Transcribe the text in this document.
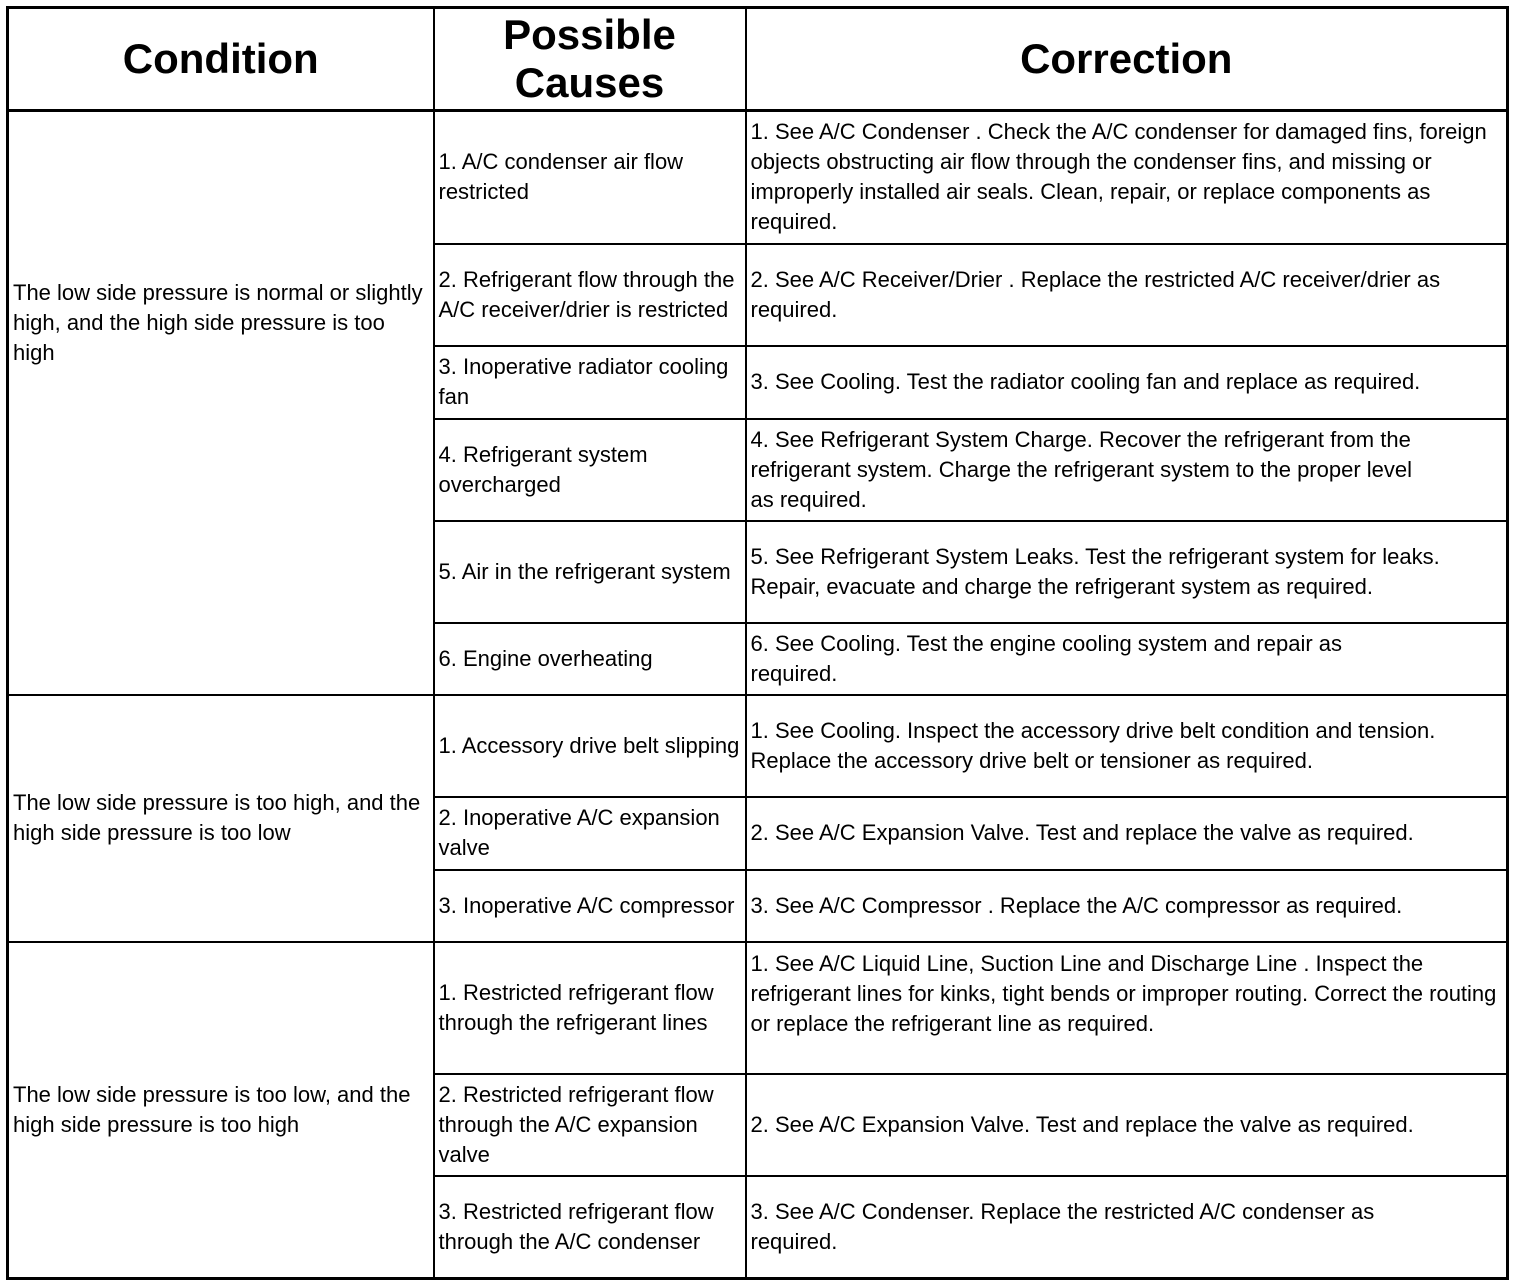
Condition	Possible Causes	Correction

The low side pressure is normal or slightly high, and the high side pressure is too high	1. A/C condenser air flow restricted	1. See A/C Condenser . Check the A/C condenser for damaged fins, foreign objects obstructing air flow through the condenser fins, and missing or improperly installed air seals. Clean, repair, or replace components as required.

	2. Refrigerant flow through the A/C receiver/drier is restricted	2. See A/C Receiver/Drier . Replace the restricted A/C receiver/drier as required.

	3. Inoperative radiator cooling fan	3. See Cooling. Test the radiator cooling fan and replace as required.

	4. Refrigerant system overcharged	4. See Refrigerant System Charge. Recover the refrigerant from the refrigerant system. Charge the refrigerant system to the proper level as required.

	5. Air in the refrigerant system	5. See Refrigerant System Leaks. Test the refrigerant system for leaks. Repair, evacuate and charge the refrigerant system as required.

	6. Engine overheating	6. See Cooling. Test the engine cooling system and repair as required.

The low side pressure is too high, and the high side pressure is too low	1. Accessory drive belt slipping	1. See Cooling. Inspect the accessory drive belt condition and tension. Replace the accessory drive belt or tensioner as required.

	2. Inoperative A/C expansion valve	2. See A/C Expansion Valve. Test and replace the valve as required.

	3. Inoperative A/C compressor	3. See A/C Compressor . Replace the A/C compressor as required.

The low side pressure is too low, and the high side pressure is too high	1. Restricted refrigerant flow through the refrigerant lines	1. See A/C Liquid Line, Suction Line and Discharge Line . Inspect the refrigerant lines for kinks, tight bends or improper routing. Correct the routing or replace the refrigerant line as required.

	2. Restricted refrigerant flow through the A/C expansion valve	2. See A/C Expansion Valve. Test and replace the valve as required.

	3. Restricted refrigerant flow through the A/C condenser	3. See A/C Condenser. Replace the restricted A/C condenser as required.
